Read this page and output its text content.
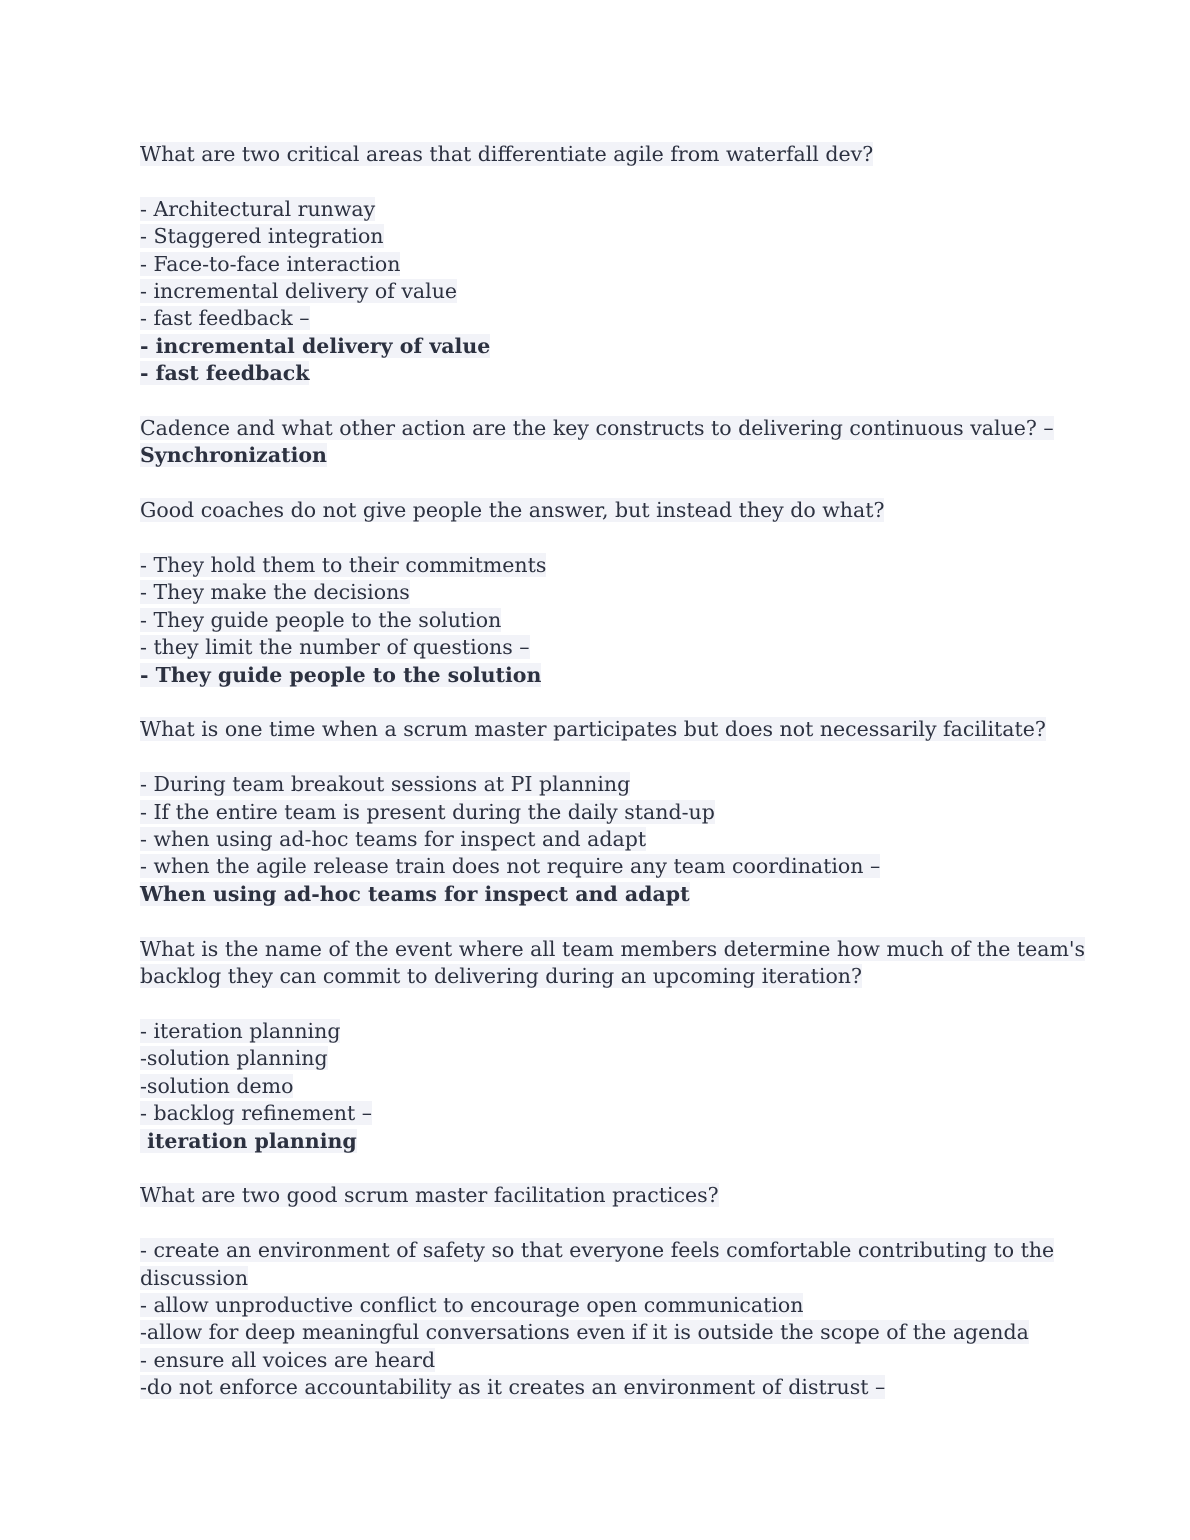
What are two critical areas that differentiate agile from waterfall dev?
- Architectural runway
- Staggered integration
- Face-to-face interaction
- incremental delivery of value
- fast feedback –
- incremental delivery of value
- fast feedback
Cadence and what other action are the key constructs to delivering continuous value? –
Synchronization
Good coaches do not give people the answer, but instead they do what?
- They hold them to their commitments
- They make the decisions
- They guide people to the solution
- they limit the number of questions –
- They guide people to the solution
What is one time when a scrum master participates but does not necessarily facilitate?
- During team breakout sessions at PI planning
- If the entire team is present during the daily stand-up
- when using ad-hoc teams for inspect and adapt
- when the agile release train does not require any team coordination –
When using ad-hoc teams for inspect and adapt
What is the name of the event where all team members determine how much of the team's
backlog they can commit to delivering during an upcoming iteration?
- iteration planning
-solution planning
-solution demo
- backlog refinement –
iteration planning
What are two good scrum master facilitation practices?
- create an environment of safety so that everyone feels comfortable contributing to the
discussion
- allow unproductive conflict to encourage open communication
-allow for deep meaningful conversations even if it is outside the scope of the agenda
- ensure all voices are heard
-do not enforce accountability as it creates an environment of distrust –
